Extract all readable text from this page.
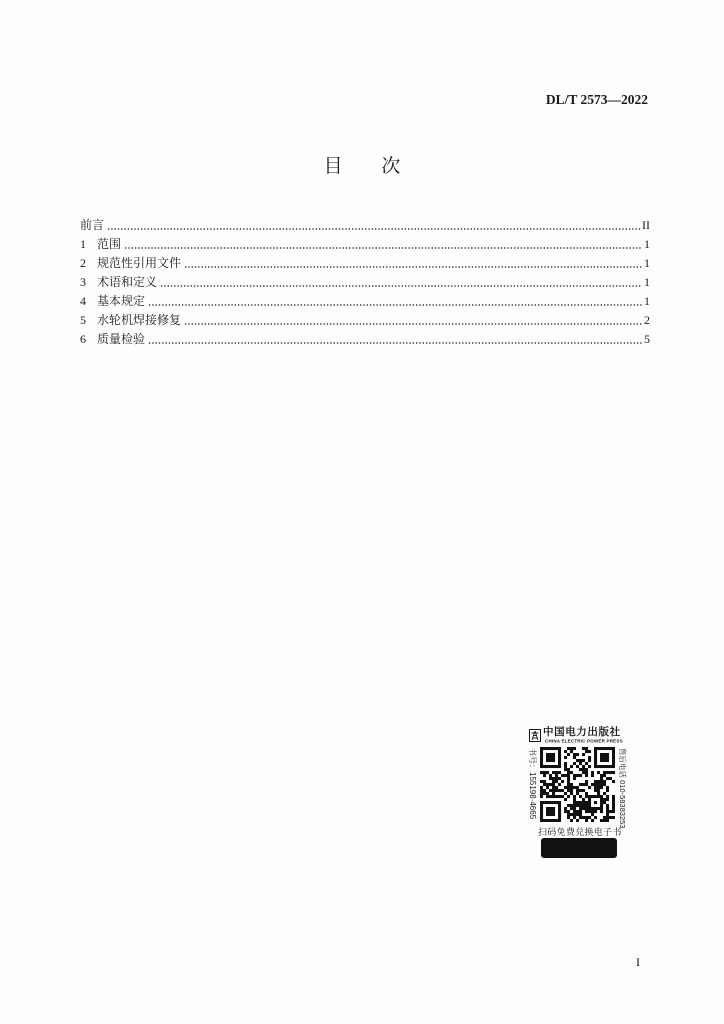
DL/T 2573—2022
目 次
前言	II
1 范围	1
2 规范性引用文件	1
3 术语和定义	1
4 基本规定	1
5 水轮机焊接修复	2
6 质量检验	5
中国电力出版社
CHINA ELECTRIC POWER PRESS
书号：155198·4665	售后电话 010-58383253
扫码免费兑换电子书
I
